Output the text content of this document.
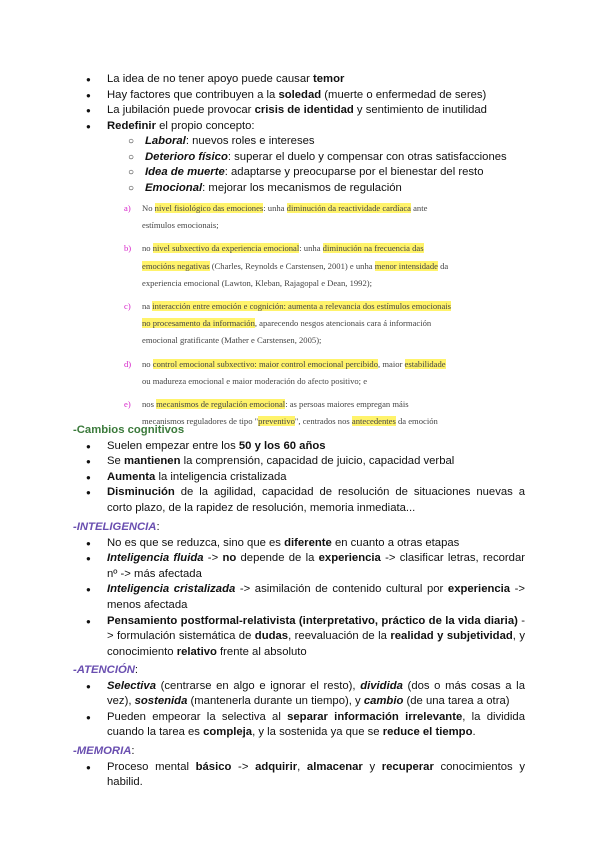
● La idea de no tener apoyo puede causar temor
● Hay factores que contribuyen a la soledad (muerte o enfermedad de seres)
● La jubilación puede provocar crisis de identidad y sentimiento de inutilidad
● Redefinir el propio concepto:
○ Laboral: nuevos roles e intereses
○ Deterioro físico: superar el duelo y compensar con otras satisfacciones
○ Idea de muerte: adaptarse y preocuparse por el bienestar del resto
○ Emocional: mejorar los mecanismos de regulación
a) No nivel fisiológico das emociones: unha diminución da reactividade cardíaca ante
estímulos emocionais;
b) no nivel subxectivo da experiencia emocional: unha diminución na frecuencia das
emocións negativas (Charles, Reynolds e Carstensen, 2001) e unha menor intensidade da
experiencia emocional (Lawton, Kleban, Rajagopal e Dean, 1992);
c) na interacción entre emoción e cognición: aumenta a relevancia dos estímulos emocionais
no procesamento da información, aparecendo nesgos atencionais cara á información
emocional gratificante (Mather e Carstensen, 2005);
d) no control emocional subxectivo: maior control emocional percibido, maior estabilidade
ou madureza emocional e maior moderación do afecto positivo; e
e) nos mecanismos de regulación emocional: as persoas maiores empregan máis
mecanismos reguladores de tipo "preventivo", centrados nos antecedentes da emoción
-Cambios cognitivos
● Suelen empezar entre los 50 y los 60 años
● Se mantienen la comprensión, capacidad de juicio, capacidad verbal
● Aumenta la inteligencia cristalizada
● Disminución de la agilidad, capacidad de resolución de situaciones nuevas a corto plazo, de la rapidez de resolución, memoria inmediata...
-INTELIGENCIA:
● No es que se reduzca, sino que es diferente en cuanto a otras etapas
● Inteligencia fluida -> no depende de la experiencia -> clasificar letras, recordar nº -> más afectada
● Inteligencia cristalizada -> asimilación de contenido cultural por experiencia -> menos afectada
● Pensamiento postformal-relativista (interpretativo, práctico de la vida diaria) -> formulación sistemática de dudas, reevaluación de la realidad y subjetividad, y conocimiento relativo frente al absoluto
-ATENCIÓN:
● Selectiva (centrarse en algo e ignorar el resto), dividida (dos o más cosas a la vez), sostenida (mantenerla durante un tiempo), y cambio (de una tarea a otra)
● Pueden empeorar la selectiva al separar información irrelevante, la dividida cuando la tarea es compleja, y la sostenida ya que se reduce el tiempo.
-MEMORIA:
● Proceso mental básico -> adquirir, almacenar y recuperar conocimientos y habilid.
